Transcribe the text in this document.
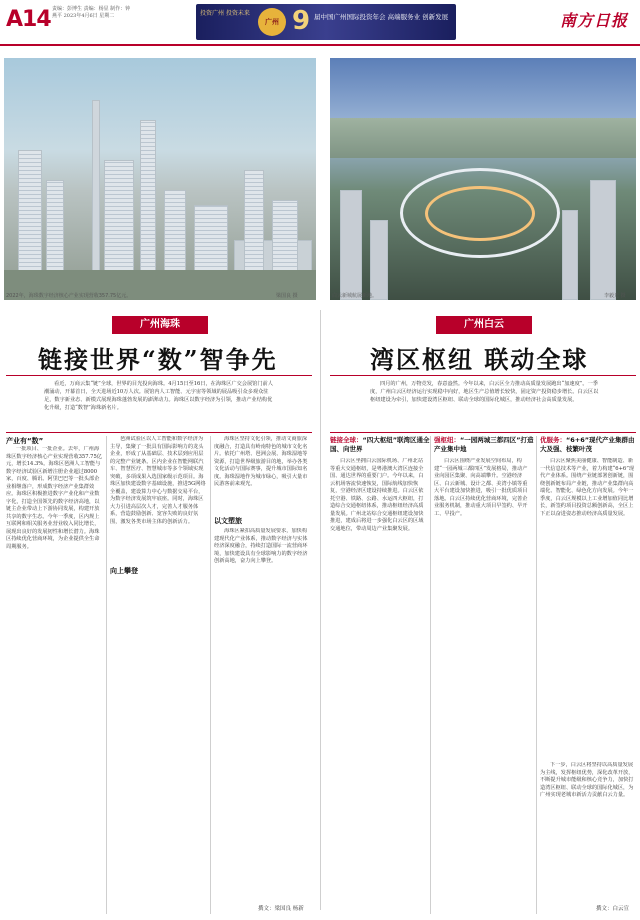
A14 责编：彭博生 责编：杨显 制作：钟燕平 2023年4月6日 星期二	投资广州 投资未来
广州 9 届中国广州国际投资年会 高端服务业 创新发展	南方日报
2022年，海珠数字经济核心产业实现营收357.75亿元。	梁国良 摄	白云新城航展新地。	李毅光 摄
广州海珠
链接世界“数”智争先
看近，万商云集“链”全球，世界的目光投向海珠。4月15日至16日，在海珠区广交会展馆门前人潮涌动，开幕首日，全天进场近10万人次。展馆内人工智能、元宇宙等领域的展品吸引众多观众驻足，数字新业态、新模式展现海珠蓬勃发展的澎湃动力。海珠区以数字经济为引领，推动产业结构优化升级，打造“数智”海珠新名片。
产业有“数”
一批项目、一批企业。去年，广州海珠区数字经济核心产业实现营收357.75亿元，增长14.3%。海珠区琶洲人工智能与数字经济试验区新增注册企业超过8000家，百度、腾讯、阿里巴巴等一批头部企业相继落户，形成数字经济产业集群效应。海珠区积极推进数字产业化和产业数字化，打造全国领先的数字经济高地，以链主企业带动上下游协同发展，构建开放共享的数字生态。今年一季度，区内规上互联网和相关服务业营业收入同比增长，展现出良好的发展韧性和增长潜力。海珠区持续优化营商环境，为企业提供全生命周期服务。
琶洲试验区以人工智能和数字经济为主导，集聚了一批具有国际影响力的龙头企业，形成了从基础层、技术层到应用层的完整产业链条。区内企业在智能网联汽车、智慧医疗、智慧城市等多个领域实现突破，多项成果入选国家级示范项目。海珠区加快建设数字基础设施，推进5G网络全覆盖，建设算力中心与数据交易平台，为数字经济发展筑牢底座。同时，海珠区大力引进高层次人才，完善人才服务体系，营造鼓励创新、宽容失败的良好氛围，激发各类市场主体的创新活力。	以文塑旅
海珠区坚持文化引领，推动文商旅深度融合，打造具有岭南特色的城市文化名片。依托广州塔、琶洲会展、海珠湿地等资源，打造世界级旅游目的地，举办各类文化活动与国际赛事，提升城市国际知名度。海珠湿地作为城市绿心，吸引大量市民游客前来观光。
向上攀登
海珠区紧扣高质量发展要求，加快构建现代化产业体系，推动数字经济与实体经济深度融合，持续打造国际一流营商环境，加快建设具有全球影响力的数字经济创新高地，奋力向上攀登。
撰文：梁国良 杨新
广州白云
湾区枢纽 联动全球
四月的广州，万物竞发，春意盎然。今年以来，白云区全力推动高质量发展跑出“加速度”。一季度，广州白云区经济运行实现稳中向好，地区生产总值增长较快，固定资产投资稳步增长。白云区以枢纽建设为牵引，加快建设湾区枢纽、联动全球的国际化城区，推动经济社会高质量发展。
链接全球：“四大枢纽”联湾区通全国、向世界
白云区坐拥白云国际机场、广州北站等重大交通枢纽，是粤港澳大湾区连接全国、通达世界的重要门户。今年以来，白云机场客流快速恢复，国际航线加快恢复，空港经济区建设持续推进。白云区依托空港、铁路、公路、水运四大枢纽，打造综合交通枢纽体系，推动枢纽经济高质量发展。广州北站综合交通枢纽建设加快推进，建成后将进一步强化白云区的区域交通地位，带动周边产业集聚发展。
强枢纽：“一园两城三都四区”打造产业集中地
白云区围绕产业发展空间布局，构建“一园两城三都四区”发展格局，推动产业向园区集聚、向高端攀升。空港经济区、白云新城、设计之都、美湾小镇等重大平台建设加快推进，吸引一批优质项目落地。白云区持续优化营商环境，完善企业服务机制，推动重大项目早签约、早开工、早投产。
优服务：“6+6”现代产业集群由大及强、枝繁叶茂
白云区聚焦美丽健康、智能制造、新一代信息技术等产业，着力构建“6+6”现代产业体系。围绕产业链部署创新链，围绕创新链布局产业链，推动产业集群向高端化、智能化、绿色化方向发展。今年一季度，白云区规模以上工业增加值同比增长，新签约项目投资总额创新高，全区上下正以奋进姿态推动经济高质量发展。
下一步，白云区将坚持以高质量发展为主线，发挥枢纽优势，深化改革开放，不断提升城市能级和核心竞争力，加快打造湾区枢纽、联动全球的国际化城区，为广州实现老城市新活力贡献白云力量。
撰文：白云宣
